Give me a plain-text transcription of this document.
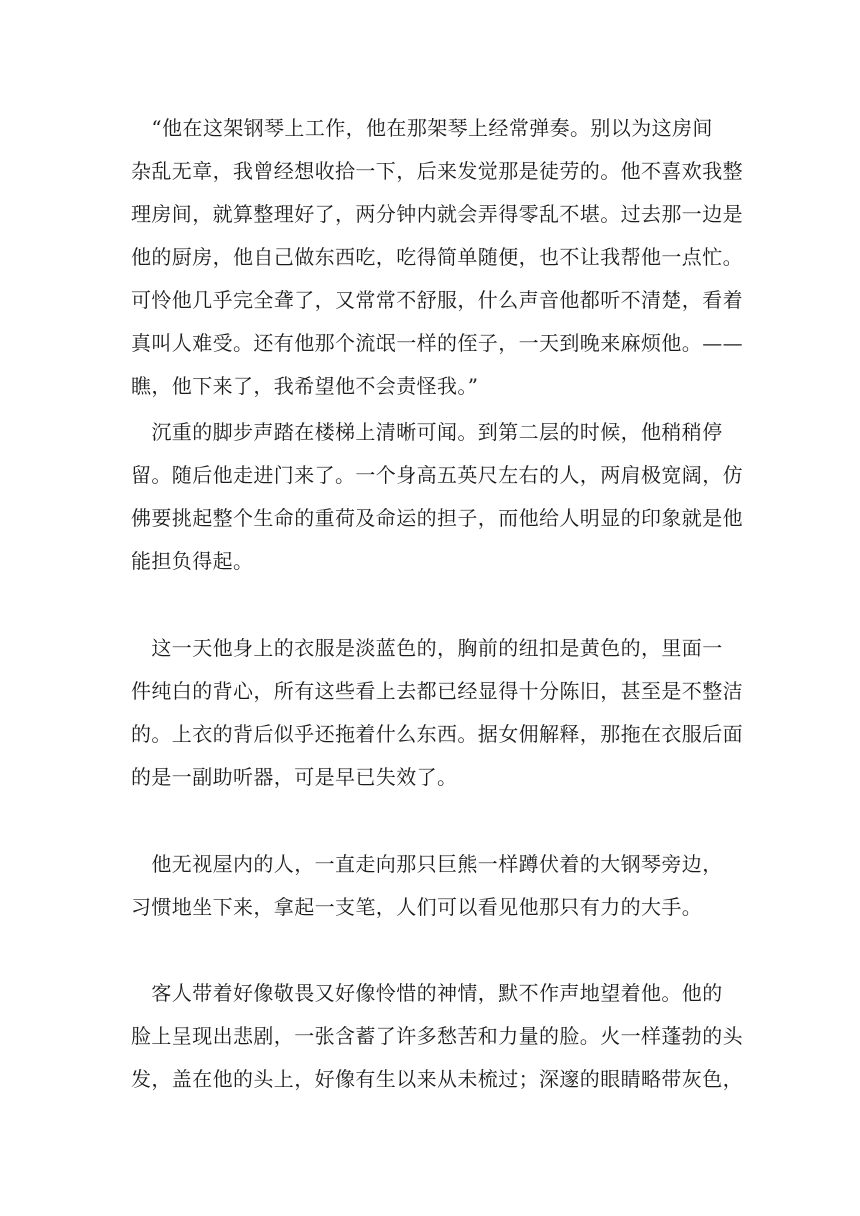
　“他在这架钢琴上工作，他在那架琴上经常弹奏。别以为这房间
杂乱无章，我曾经想收拾一下，后来发觉那是徒劳的。他不喜欢我整
理房间，就算整理好了，两分钟内就会弄得零乱不堪。过去那一边是
他的厨房，他自己做东西吃，吃得简单随便，也不让我帮他一点忙。
可怜他几乎完全聋了，又常常不舒服，什么声音他都听不清楚，看着
真叫人难受。还有他那个流氓一样的侄子，一天到晚来麻烦他。——
瞧，他下来了，我希望他不会责怪我。”
　沉重的脚步声踏在楼梯上清晰可闻。到第二层的时候，他稍稍停
留。随后他走进门来了。一个身高五英尺左右的人，两肩极宽阔，仿
佛要挑起整个生命的重荷及命运的担子，而他给人明显的印象就是他
能担负得起。
　这一天他身上的衣服是淡蓝色的，胸前的纽扣是黄色的，里面一
件纯白的背心，所有这些看上去都已经显得十分陈旧，甚至是不整洁
的。上衣的背后似乎还拖着什么东西。据女佣解释，那拖在衣服后面
的是一副助听器，可是早已失效了。
　他无视屋内的人，一直走向那只巨熊一样蹲伏着的大钢琴旁边，
习惯地坐下来，拿起一支笔，人们可以看见他那只有力的大手。
　客人带着好像敬畏又好像怜惜的神情，默不作声地望着他。他的
脸上呈现出悲剧，一张含蓄了许多愁苦和力量的脸。火一样蓬勃的头
发，盖在他的头上，好像有生以来从未梳过；深邃的眼睛略带灰色，
